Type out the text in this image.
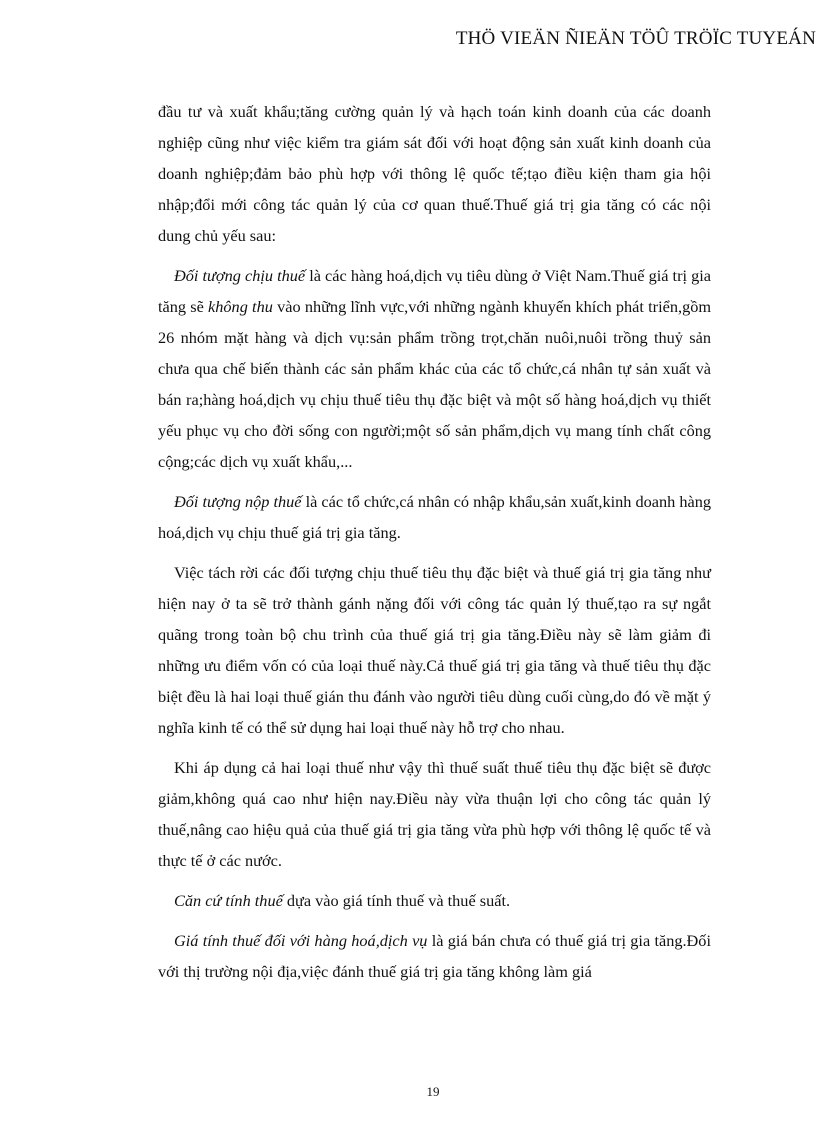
THÖ VIEÄN ÑIEÄN TÖÛ TRÖÏC TUYEÁN

đầu tư và xuất khẩu;tăng cường quản lý và hạch toán kinh doanh của các doanh nghiệp cũng như việc kiểm tra giám sát đối với hoạt động sản xuất kinh doanh của doanh nghiệp;đảm bảo phù hợp với thông lệ quốc tế;tạo điều kiện tham gia hội nhập;đổi mới công tác quản lý của cơ quan thuế.Thuế giá trị gia tăng có các nội dung chủ yếu sau:

Đối tượng chịu thuế là các hàng hoá,dịch vụ tiêu dùng ở Việt Nam.Thuế giá trị gia tăng sẽ không thu vào những lĩnh vực,với những ngành khuyến khích phát triển,gồm 26 nhóm mặt hàng và dịch vụ:sản phẩm trồng trọt,chăn nuôi,nuôi trồng thuỷ sản chưa qua chế biến thành các sản phẩm khác của các tổ chức,cá nhân tự sản xuất và bán ra;hàng hoá,dịch vụ chịu thuế tiêu thụ đặc biệt và một số hàng hoá,dịch vụ thiết yếu phục vụ cho đời sống con người;một số sản phẩm,dịch vụ mang tính chất công cộng;các dịch vụ xuất khẩu,...

Đối tượng nộp thuế là các tổ chức,cá nhân có nhập khẩu,sản xuất,kinh doanh hàng hoá,dịch vụ chịu thuế giá trị gia tăng.

Việc tách rời các đối tượng chịu thuế tiêu thụ đặc biệt và thuế giá trị gia tăng như hiện nay ở ta sẽ trở thành gánh nặng đối với công tác quản lý thuế,tạo ra sự ngắt quãng trong toàn bộ chu trình của thuế giá trị gia tăng.Điều này sẽ làm giảm đi những ưu điểm vốn có của loại thuế này.Cả thuế giá trị gia tăng và thuế tiêu thụ đặc biệt đều là hai loại thuế gián thu đánh vào người tiêu dùng cuối cùng,do đó về mặt ý nghĩa kinh tế có thể sử dụng hai loại thuế này hỗ trợ cho nhau.

Khi áp dụng cả hai loại thuế như vậy thì thuế suất thuế tiêu thụ đặc biệt sẽ được giảm,không quá cao như hiện nay.Điều này vừa thuận lợi cho công tác quản lý thuế,nâng cao hiệu quả của thuế giá trị gia tăng vừa phù hợp với thông lệ quốc tế và thực tế ở các nước.

Căn cứ tính thuế dựa vào giá tính thuế và thuế suất.

Giá tính thuế đối với hàng hoá,dịch vụ là giá bán chưa có thuế giá trị gia tăng.Đối với thị trường nội địa,việc đánh thuế giá trị gia tăng không làm giá

19
